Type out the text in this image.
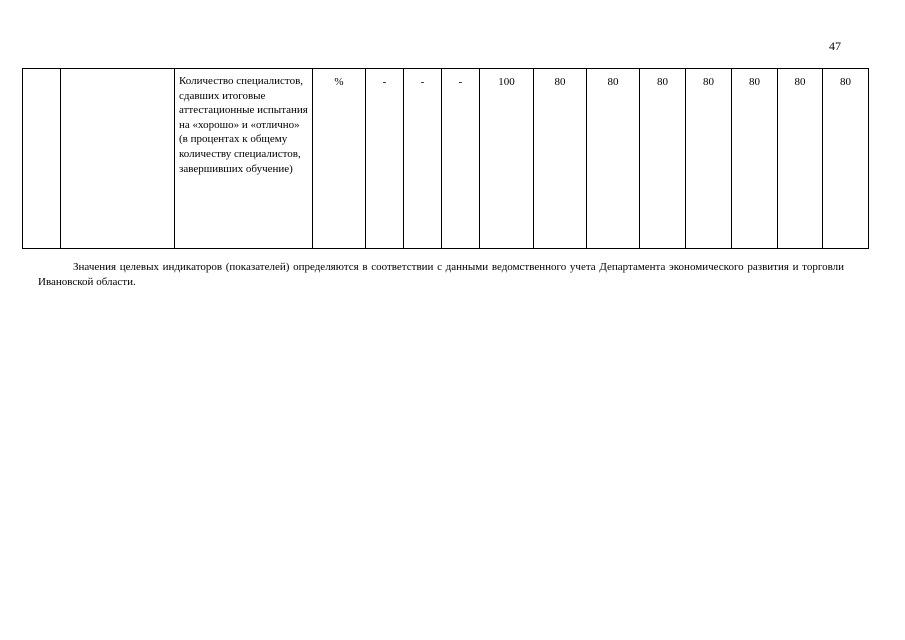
47
		Количество специалистов, сдавших итоговые аттестационные испытания на «хорошо» и «отлично» (в процентах к общему количеству специалистов, завершивших обучение)	%	-	-	-	100	80	80	80	80	80	80	80

Значения целевых индикаторов (показателей) определяются в соответствии с данными ведомственного учета Департамента экономического развития и торговли Ивановской области.
